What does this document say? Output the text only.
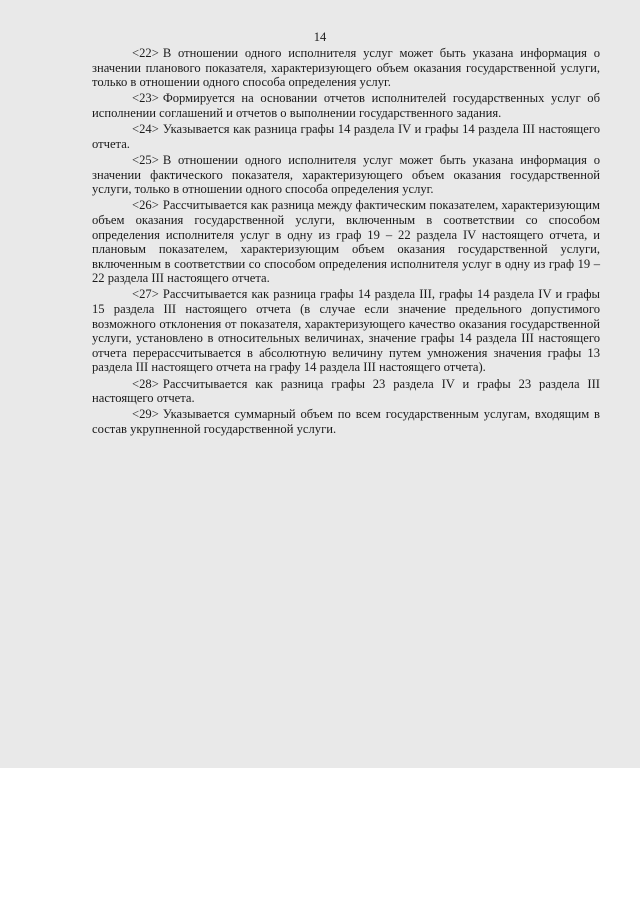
14

<22> В отношении одного исполнителя услуг может быть указана информация о значении планового показателя, характеризующего объем оказания государственной услуги, только в отношении одного способа определения услуг.

<23> Формируется на основании отчетов исполнителей государственных услуг об исполнении соглашений и отчетов о выполнении государственного задания.

<24> Указывается как разница графы 14 раздела IV и графы 14 раздела III настоящего отчета.

<25> В отношении одного исполнителя услуг может быть указана информация о значении фактического показателя, характеризующего объем оказания государственной услуги, только в отношении одного способа определения услуг.

<26> Рассчитывается как разница между фактическим показателем, характеризующим объем оказания государственной услуги, включенным в соответствии со способом определения исполнителя услуг в одну из граф 19 – 22 раздела IV настоящего отчета, и плановым показателем, характеризующим объем оказания государственной услуги, включенным в соответствии со способом определения исполнителя услуг в одну из граф 19 – 22 раздела III настоящего отчета.

<27> Рассчитывается как разница графы 14 раздела III, графы 14 раздела IV и графы 15 раздела III настоящего отчета (в случае если значение предельного допустимого возможного отклонения от показателя, характеризующего качество оказания государственной услуги, установлено в относительных величинах, значение графы 14 раздела III настоящего отчета перерассчитывается в абсолютную величину путем умножения значения графы 13 раздела III настоящего отчета на графу 14 раздела III настоящего отчета).

<28> Рассчитывается как разница графы 23 раздела IV и графы 23 раздела III настоящего отчета.

<29> Указывается суммарный объем по всем государственным услугам, входящим в состав укрупненной государственной услуги.
